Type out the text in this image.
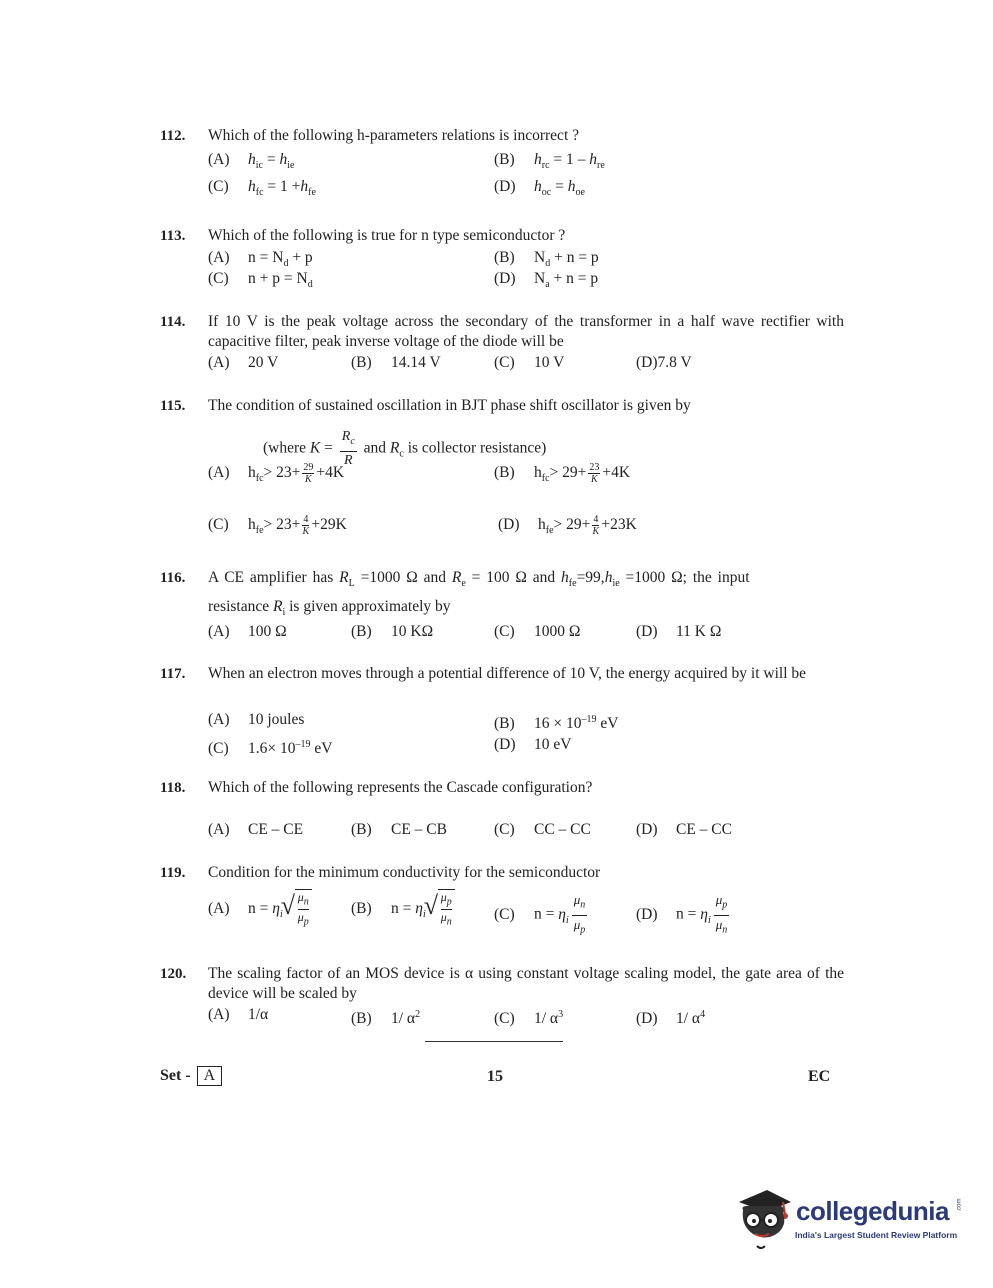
112. Which of the following h-parameters relations is incorrect ?
(A) $h_{ic} = h_{ie}$	(B) $h_{rc} = 1 - h_{re}$
(C) $h_{fc} = 1 +h_{fe}$	(D) $h_{oc} = h_{oe}$
113. Which of the following is true for n type semiconductor ?
(A) $n = N_d + p$	(B) $N_d + n = p$
(C) $n + p = N_d$	(D) $N_a + n = p$
114. If 10 V is the peak voltage across the secondary of the transformer in a half wave rectifier with capacitive filter, peak inverse voltage of the diode will be
(A) 20 V	(B) 14.14 V	(C) 10 V	(D)7.8 V
115. The condition of sustained oscillation in BJT phase shift oscillator is given by
(where $K = \frac{R_c}{R}$ and $R_c$ is collector resistance)
(A) $h_{fc}> 23+ \frac{29}{K} +4K$	(B) $h_{fc}> 29+ \frac{23}{K} +4K$
(C) $h_{fe}> 23+ \frac{4}{K} +29K$	(D) $h_{fe}> 29+ \frac{4}{K} +23K$
116. A CE amplifier has $R_L =1000$ Ω and $R_e = 100$ Ω and $h_{fe}=99,h_{ie} =1000$ Ω; the input
resistance $R_i$ is given approximately by
(A) 100 Ω	(B) 10 KΩ	(C) 1000 Ω	(D) 11 K Ω
117. When an electron moves through a potential difference of 10 V, the energy acquired by it will be
(A) 10 joules	(B) $16 \times 10^{-19}$ eV
(C) $1.6\times 10^{-19}$ eV	(D) 10 eV
118. Which of the following represents the Cascade configuration?
(A) CE – CE	(B) CE – CB	(C) CC – CC	(D) CE – CC
119. Condition for the minimum conductivity for the semiconductor
(A) $n = \eta_i$ √ $\frac{\mu_n}{\mu_p}$	(B) $n = \eta_i$ √ $\frac{\mu_p}{\mu_n}$	(C) $n = \eta_i \frac{\mu_n}{\mu_p}$	(D) $n = \eta_i \frac{\mu_p}{\mu_n}$
120. The scaling factor of an MOS device is α using constant voltage scaling model, the gate area of the device will be scaled by
(A) 1/α	(B) 1/ $\alpha^2$	(C) 1/ $\alpha^3$	(D) 1/ $\alpha^4$
Set - A	15	EC
collegedunia .com
India's Largest Student Review Platform
